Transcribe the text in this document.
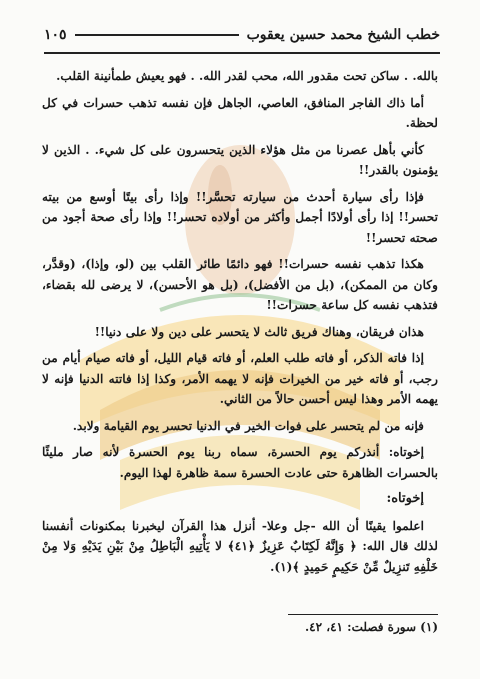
خطب الشيخ محمد حسين يعقوب
١٠٥

بالله. . ساكن تحت مقدور الله، محب لقدر الله. . فهو يعيش طمأنينة القلب.

أما ذاك الفاجر المنافق، العاصي، الجاهل فإن نفسه تذهب حسرات في كل لحظة.

كأني بأهل عصرنا من مثل هؤلاء الذين يتحسرون على كل شيء. . الذين لا يؤمنون بالقدر!!

فإذا رأى سيارة أحدث من سيارته تحسَّر!! وإذا رأى بيتًا أوسع من بيته تحسر!! إذا رأى أولادًا أجمل وأكثر من أولاده تحسر!! وإذا رأى صحة أجود من صحته تحسر!!

هكذا تذهب نفسه حسرات!! فهو دائمًا طائر القلب بين (لو، وإذا)، (وقدَّر، وكان من الممكن)، (بل من الأفضل)، (بل هو الأحسن)، لا يرضى لله بقضاء، فتذهب نفسه كل ساعة حسرات!!

هذان فريقان، وهناك فريق ثالث لا يتحسر على دين ولا على دنيا!!

إذا فاته الذكر، أو فاته طلب العلم، أو فاته قيام الليل، أو فاته صيام أيام من رجب، أو فاته خير من الخيرات فإنه لا يهمه الأمر، وكذا إذا فاتته الدنيا فإنه لا يهمه الأمر وهذا ليس أحسن حالاً من الثاني.

فإنه من لم يتحسر على فوات الخير في الدنيا تحسر يوم القيامة ولابد.

إخوتاه: أنذركم يوم الحسرة، سماه ربنا يوم الحسرة لأنه صار مليئًا بالحسرات الظاهرة حتى عادت الحسرة سمة ظاهرة لهذا اليوم.

إخوتاه:

اعلموا يقينًا أن الله -جل وعلا- أنزل هذا القرآن ليخبرنا بمكنونات أنفسنا لذلك قال الله: ﴿ وَإِنَّهُ لَكِتَابٌ عَزِيزٌ ﴿٤١﴾ لا يَأْتِيهِ الْبَاطِلُ مِنْ بَيْنِ يَدَيْهِ وَلا مِنْ خَلْفِهِ تَنزِيلٌ مِّنْ حَكِيمٍ حَمِيدٍ ﴾(١).

(١) سورة فصلت: ٤١، ٤٢.
